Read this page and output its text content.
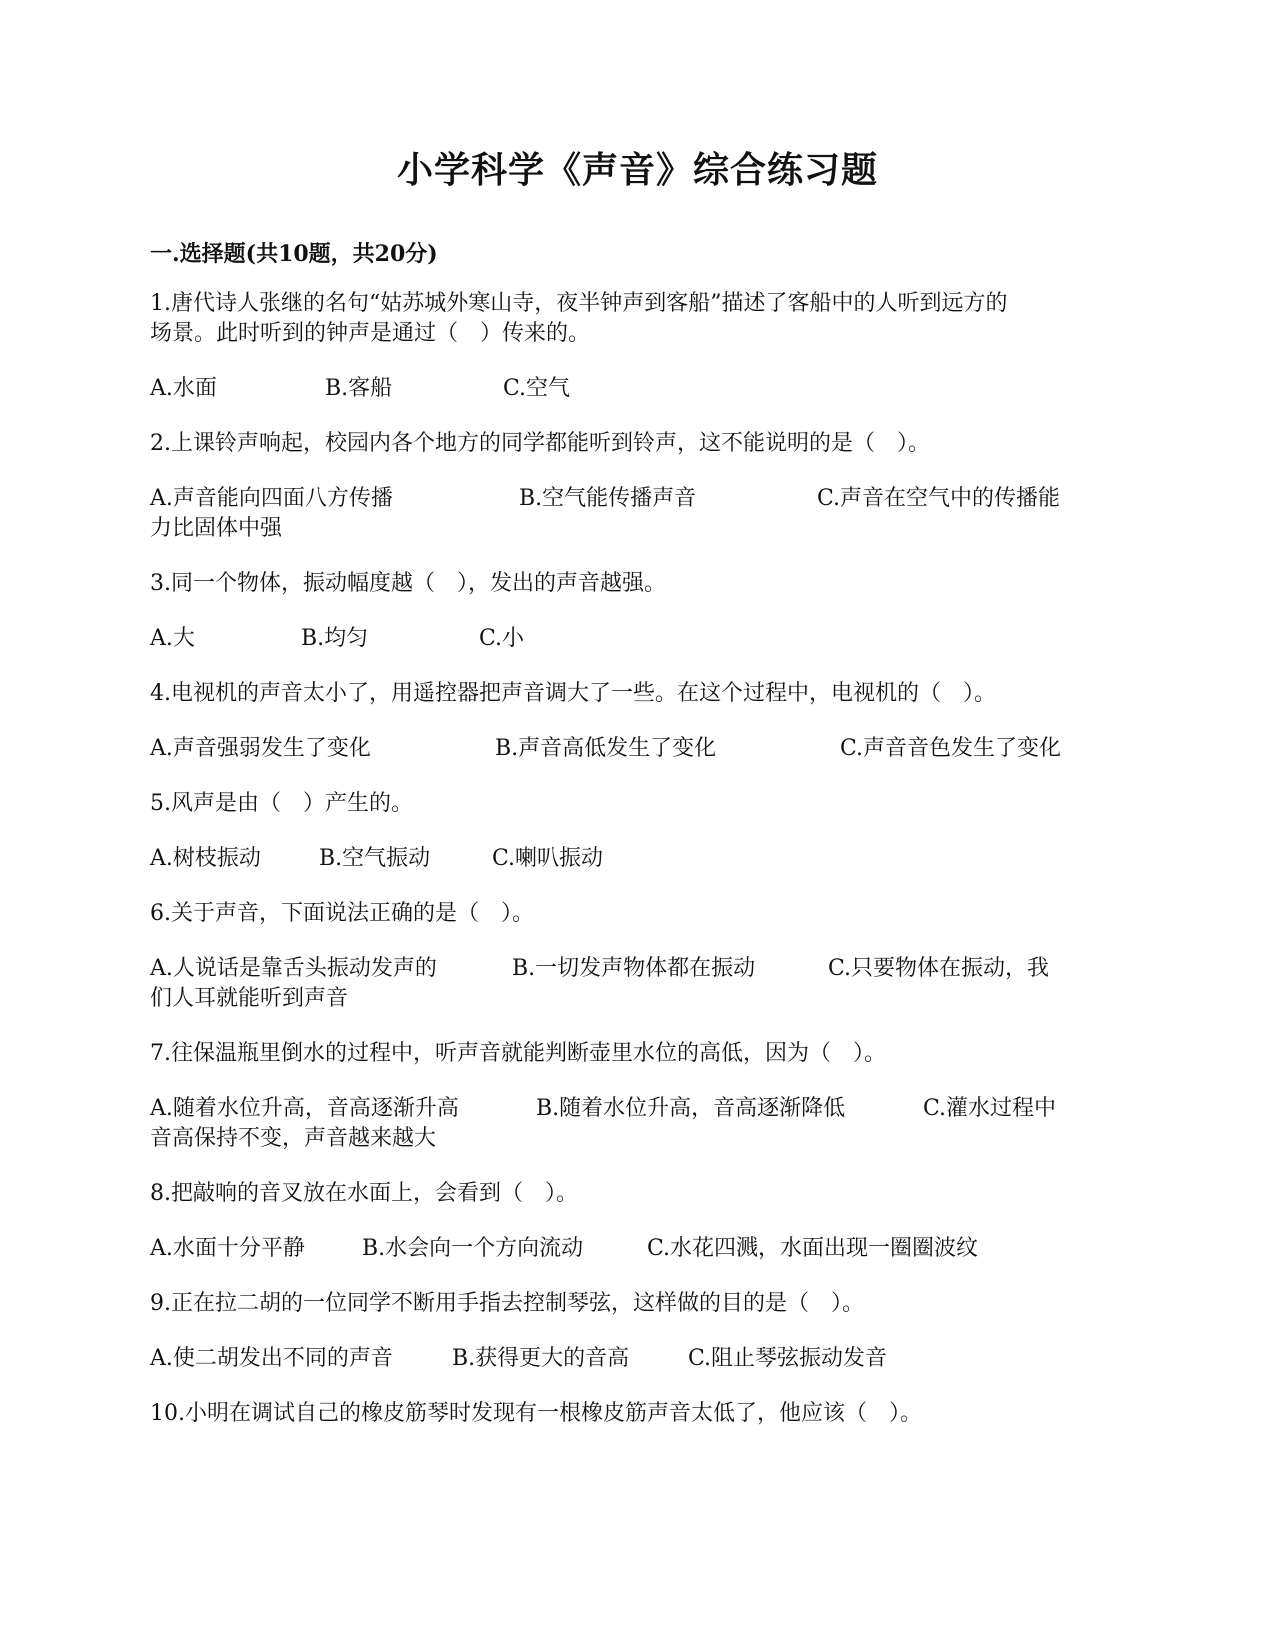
小学科学《声音》综合练习题
一.选择题(共10题，共20分)

1.唐代诗人张继的名句“姑苏城外寒山寺，夜半钟声到客船”描述了客船中的人听到远方的

场景。此时听到的钟声是通过（　）传来的。

A.水面	B.客船	C.空气

2.上课铃声响起，校园内各个地方的同学都能听到铃声，这不能说明的是（　）。

A.声音能向四面八方传播	B.空气能传播声音	C.声音在空气中的传播能

力比固体中强

3.同一个物体，振动幅度越（　），发出的声音越强。

A.大	B.均匀	C.小

4.电视机的声音太小了，用遥控器把声音调大了一些。在这个过程中，电视机的（　）。

A.声音强弱发生了变化	B.声音高低发生了变化	C.声音音色发生了变化

5.风声是由（　）产生的。

A.树枝振动	B.空气振动	C.喇叭振动

6.关于声音，下面说法正确的是（　）。

A.人说话是靠舌头振动发声的	B.一切发声物体都在振动	C.只要物体在振动，我

们人耳就能听到声音

7.往保温瓶里倒水的过程中，听声音就能判断壶里水位的高低，因为（　）。

A.随着水位升高，音高逐渐升高	B.随着水位升高，音高逐渐降低	C.灌水过程中

音高保持不变，声音越来越大

8.把敲响的音叉放在水面上，会看到（　）。

A.水面十分平静	B.水会向一个方向流动	C.水花四溅，水面出现一圈圈波纹

9.正在拉二胡的一位同学不断用手指去控制琴弦，这样做的目的是（　）。

A.使二胡发出不同的声音	B.获得更大的音高	C.阻止琴弦振动发音

10.小明在调试自己的橡皮筋琴时发现有一根橡皮筋声音太低了，他应该（　）。
